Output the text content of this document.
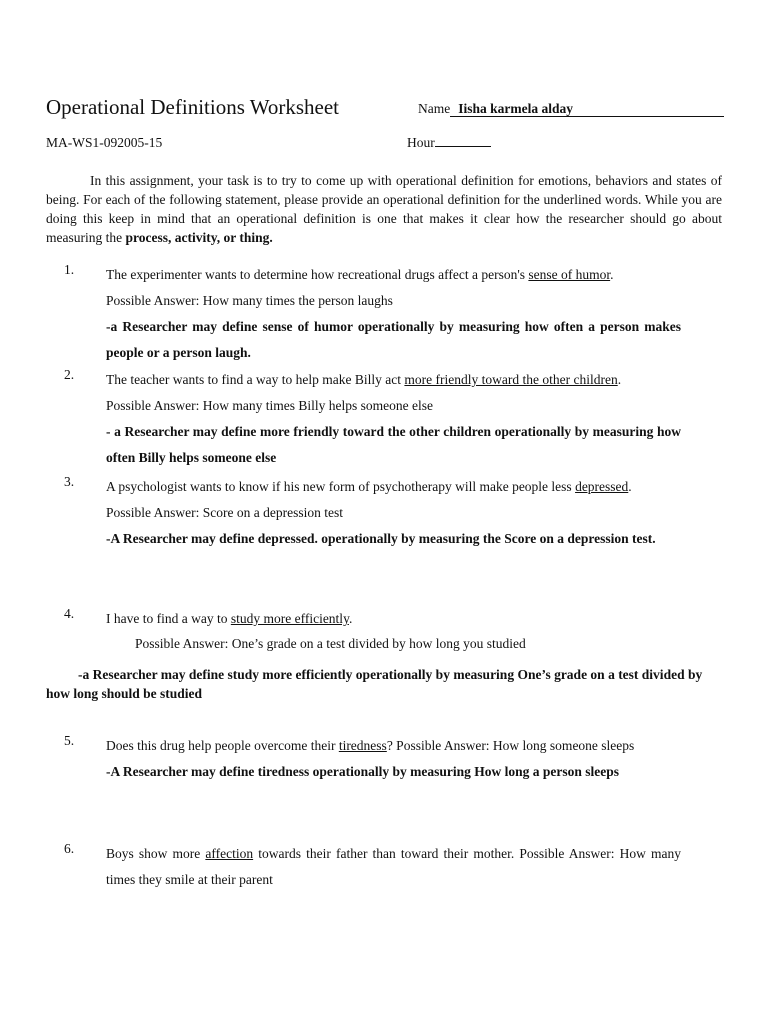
Operational Definitions Worksheet	Name Iisha karmela alday
MA-WS1-092005-15	Hour

In this assignment, your task is to try to come up with operational definition for emotions, behaviors and states of being. For each of the following statement, please provide an operational definition for the underlined words. While you are doing this keep in mind that an operational definition is one that makes it clear how the researcher should go about measuring the process, activity, or thing.

1. The experimenter wants to determine how recreational drugs affect a person's sense of humor.
Possible Answer: How many times the person laughs
-a Researcher may define sense of humor operationally by measuring how often a person makes people or a person laugh.
2. The teacher wants to find a way to help make Billy act more friendly toward the other children.
Possible Answer: How many times Billy helps someone else
- a Researcher may define more friendly toward the other children operationally by measuring how often Billy helps someone else
3. A psychologist wants to know if his new form of psychotherapy will make people less depressed.
Possible Answer: Score on a depression test
-A Researcher may define depressed. operationally by measuring the Score on a depression test.
4. I have to find a way to study more efficiently.
Possible Answer: One’s grade on a test divided by how long you studied

-a Researcher may define study more efficiently operationally by measuring One’s grade on a test divided by how long should be studied

5. Does this drug help people overcome their tiredness? Possible Answer: How long someone sleeps
-A Researcher may define tiredness operationally by measuring How long a person sleeps
6. Boys show more affection towards their father than toward their mother. Possible Answer: How many times they smile at their parent
